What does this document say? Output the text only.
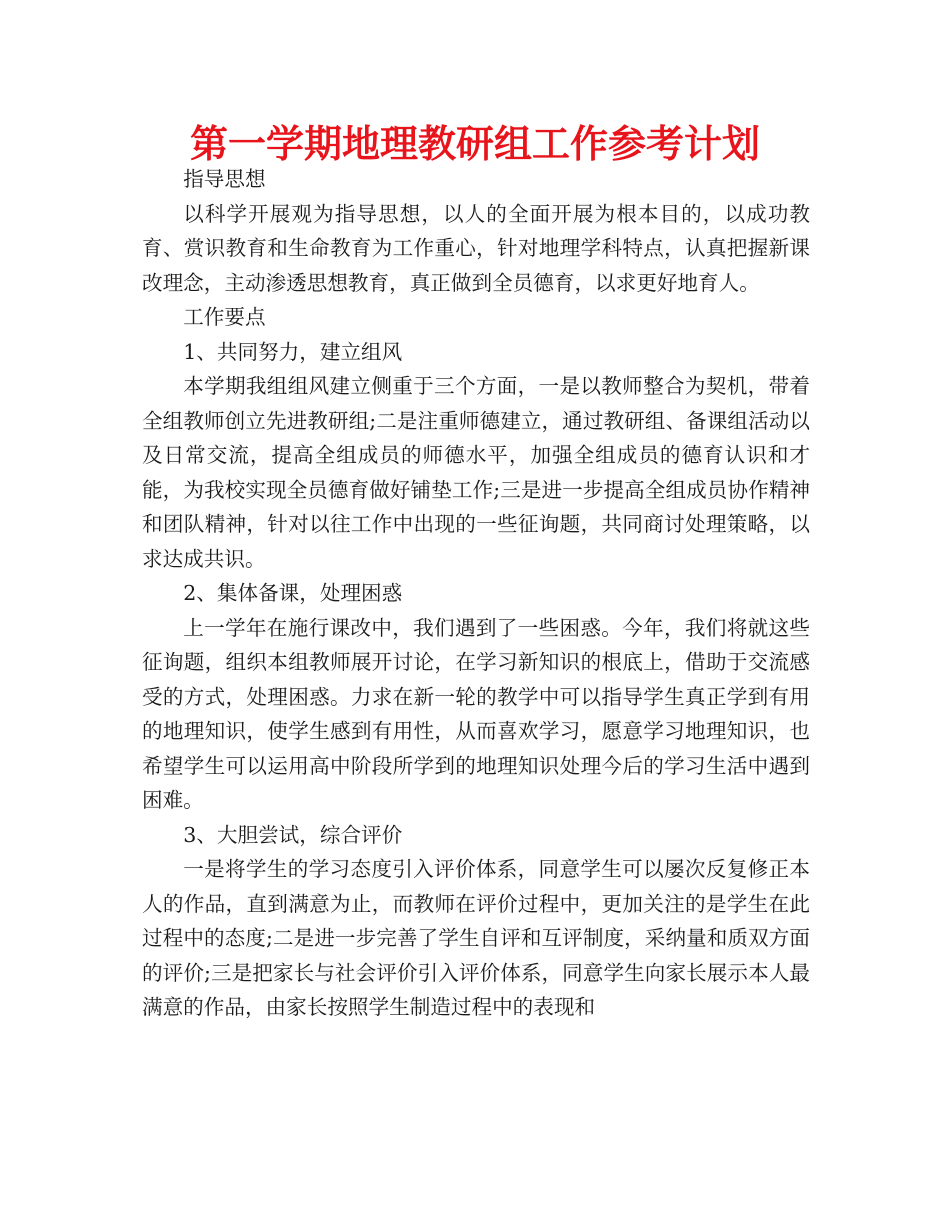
第一学期地理教研组工作参考计划

指导思想

以科学开展观为指导思想，以人的全面开展为根本目的，以成功教育、赏识教育和生命教育为工作重心，针对地理学科特点，认真把握新课改理念，主动渗透思想教育，真正做到全员德育，以求更好地育人。

工作要点

1、共同努力，建立组风

本学期我组组风建立侧重于三个方面，一是以教师整合为契机，带着全组教师创立先进教研组;二是注重师德建立，通过教研组、备课组活动以及日常交流，提高全组成员的师德水平，加强全组成员的德育认识和才能，为我校实现全员德育做好铺垫工作;三是进一步提高全组成员协作精神和团队精神，针对以往工作中出现的一些征询题，共同商讨处理策略，以求达成共识。

2、集体备课，处理困惑

上一学年在施行课改中，我们遇到了一些困惑。今年，我们将就这些征询题，组织本组教师展开讨论，在学习新知识的根底上，借助于交流感受的方式，处理困惑。力求在新一轮的教学中可以指导学生真正学到有用的地理知识，使学生感到有用性，从而喜欢学习，愿意学习地理知识，也希望学生可以运用高中阶段所学到的地理知识处理今后的学习生活中遇到困难。

3、大胆尝试，综合评价

一是将学生的学习态度引入评价体系，同意学生可以屡次反复修正本人的作品，直到满意为止，而教师在评价过程中，更加关注的是学生在此过程中的态度;二是进一步完善了学生自评和互评制度，采纳量和质双方面的评价;三是把家长与社会评价引入评价体系，同意学生向家长展示本人最满意的作品，由家长按照学生制造过程中的表现和
